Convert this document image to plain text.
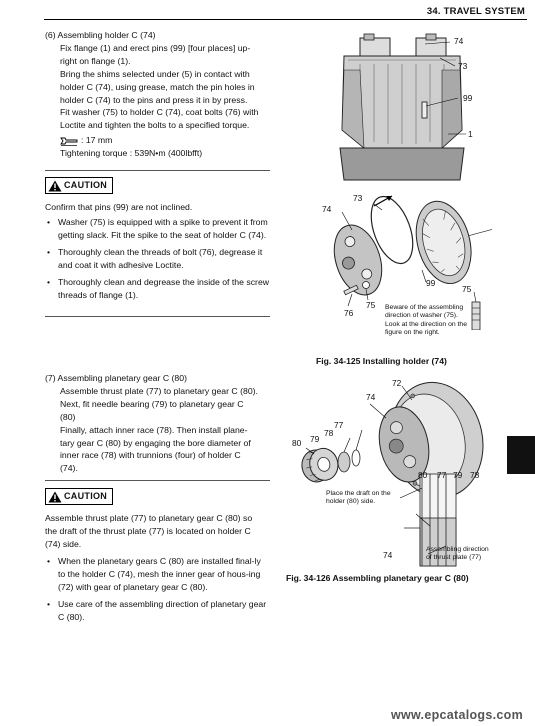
34. TRAVEL SYSTEM

(6) Assembling holder C (74)

Fix flange (1) and erect pins (99) [four places] up-

right on flange (1).

Bring the shims selected under (5) in contact with

holder C (74), using grease, match the pin holes in

holder C (74) to the pins and press it in by press.

Fit washer (75) to holder C (74), coat bolts (76) with

Loctite and tighten the bolts to a specified torque.

: 17 mm

Tightening torque : 539N•m (400lbfft)

CAUTION

Confirm that pins (99) are not inclined.

• Washer (75) is equipped with a spike to prevent it from getting slack. Fit the spike to the seat of holder C (74).
• Thoroughly clean the threads of bolt (76), degrease it and coat it with adhesive Loctite.
• Thoroughly clean and degrease the inside of the screw threads of flange (1).

(7) Assembling planetary gear C (80)

Assemble thrust plate (77) to planetary gear C (80).

Next, fit needle bearing (79) to planetary gear C

(80)

Finally, attach inner race (78). Then install plane-

tary gear C (80) by engaging the bore diameter of

inner race (78) with trunnions (four) of holder C

(74).

CAUTION

Assemble thrust plate (77) to planetary gear C (80) so

the draft of the thrust plate (77) is located on holder C

(74) side.

• When the planetary gears C (80) are installed final-ly to the holder C (74), mesh the inner gear of hous-ing (72) with gear of planetary gear C (80).
• Use care of the assembling direction of planetary gear C (80).
74
73
99
1
73
74
99
75
76
75
Beware of the assembling
direction of washer (75).
Look at the direction on the
figure on the right.
Fig. 34-125 Installing holder (74)
72
74
77
79
80
78
80 77 79 78
74
Place the draft on the
holder (80) side.
Assembling direction
of thrust plate (77)
Fig. 34-126 Assembling planetary gear C (80)
www.epcatalogs.com
